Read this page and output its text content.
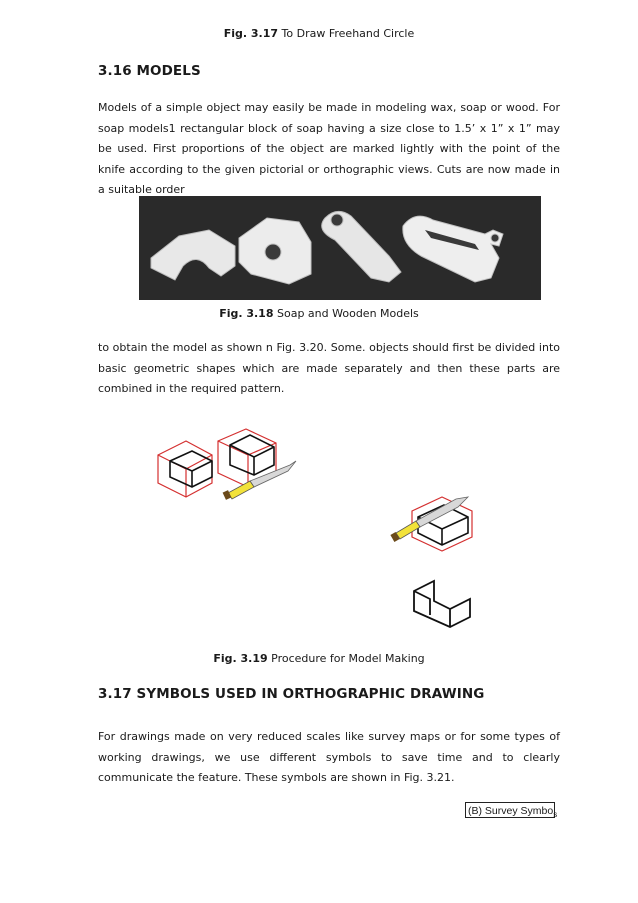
Fig. 3.17 To Draw Freehand Circle
3.16 MODELS
Models of a simple object may easily be made in modeling wax, soap or wood. For soap models1 rectangular block of soap having a size close to 1.5’ x 1” x 1” may be used. First proportions of the object are marked lightly with the point of the knife according to the given pictorial or orthographic views. Cuts are now made in a suitable order
Fig. 3.18 Soap and Wooden Models
to obtain the model as shown n Fig. 3.20. Some. objects should first be divided into basic geometric shapes which are made separately and then these parts are combined in the required pattern.
Fig. 3.19 Procedure for Model Making
3.17 SYMBOLS USED IN ORTHOGRAPHIC DRAWING
For drawings made on very reduced scales like survey maps or for some types of working drawings, we use different symbols to save time and to clearly communicate the feature. These symbols are shown in Fig. 3.21.
(B) Survey Symbo$_s$
